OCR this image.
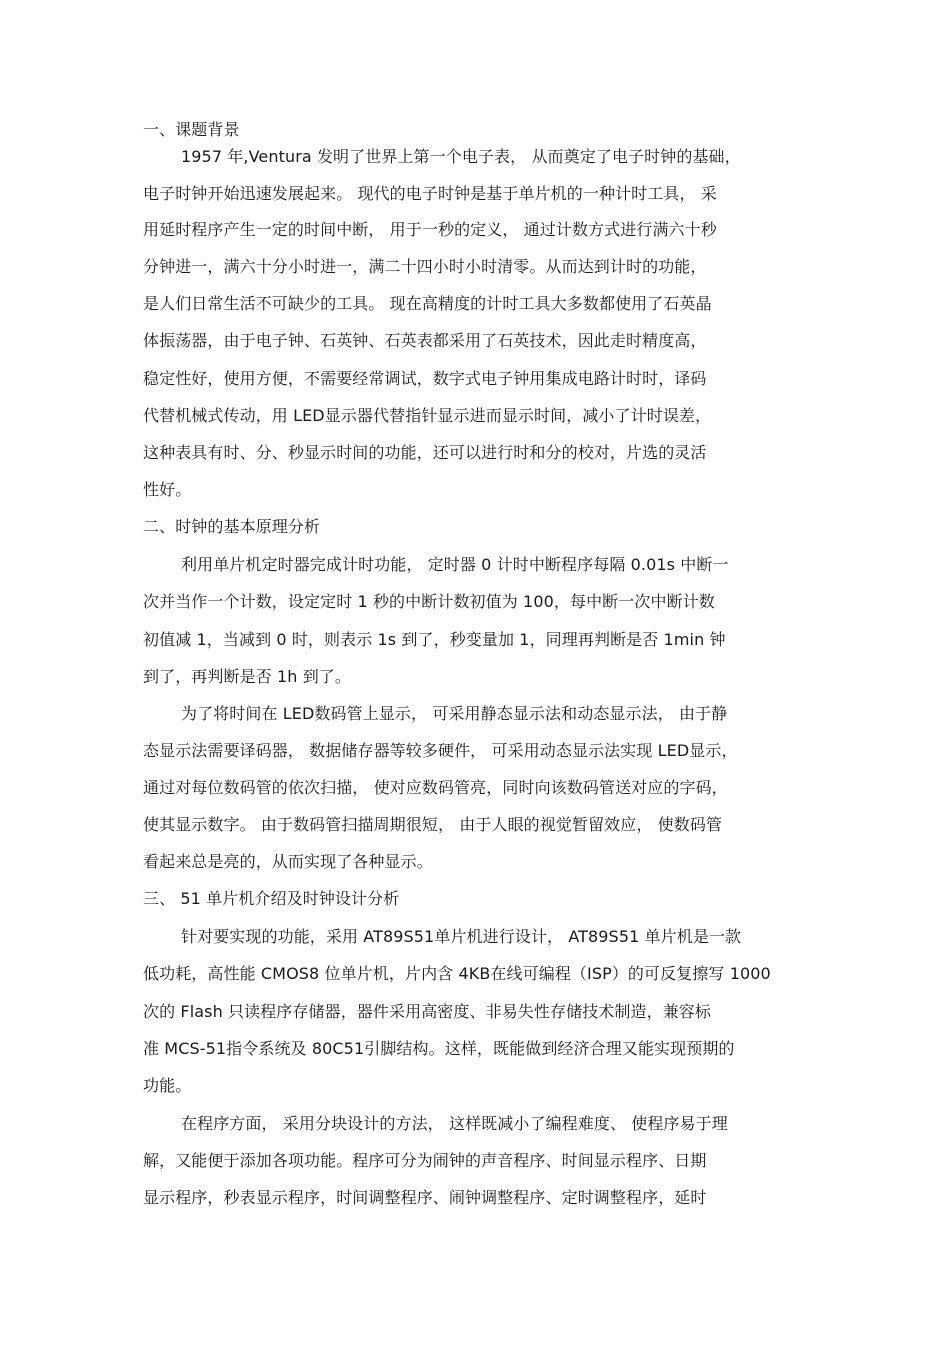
一、课题背景

1957 年,Ventura 发明了世界上第一个电子表， 从而奠定了电子时钟的基础，

电子时钟开始迅速发展起来。 现代的电子时钟是基于单片机的一种计时工具， 采

用延时程序产生一定的时间中断， 用于一秒的定义， 通过计数方式进行满六十秒

分钟进一，满六十分小时进一，满二十四小时小时清零。从而达到计时的功能，

是人们日常生活不可缺少的工具。 现在高精度的计时工具大多数都使用了石英晶

体振荡器，由于电子钟、石英钟、石英表都采用了石英技术，因此走时精度高，

稳定性好，使用方便，不需要经常调试，数字式电子钟用集成电路计时时，译码

代替机械式传动，用 LED显示器代替指针显示进而显示时间，减小了计时误差，

这种表具有时、分、秒显示时间的功能，还可以进行时和分的校对，片选的灵活

性好。

二、时钟的基本原理分析

利用单片机定时器完成计时功能， 定时器 0 计时中断程序每隔 0.01s 中断一

次并当作一个计数，设定定时 1 秒的中断计数初值为 100，每中断一次中断计数

初值减 1，当减到 0 时，则表示 1s 到了，秒变量加 1，同理再判断是否 1min 钟

到了，再判断是否 1h 到了。

为了将时间在 LED数码管上显示， 可采用静态显示法和动态显示法， 由于静

态显示法需要译码器， 数据储存器等较多硬件， 可采用动态显示法实现 LED显示，

通过对每位数码管的依次扫描， 使对应数码管亮，同时向该数码管送对应的字码，

使其显示数字。 由于数码管扫描周期很短， 由于人眼的视觉暂留效应， 使数码管

看起来总是亮的，从而实现了各种显示。

三、 51 单片机介绍及时钟设计分析

针对要实现的功能，采用 AT89S51单片机进行设计， AT89S51 单片机是一款

低功耗，高性能 CMOS8 位单片机，片内含 4KB在线可编程（ISP）的可反复擦写 1000

次的 Flash 只读程序存储器，器件采用高密度、非易失性存储技术制造，兼容标

准 MCS-51指令系统及 80C51引脚结构。这样，既能做到经济合理又能实现预期的

功能。

在程序方面， 采用分块设计的方法， 这样既减小了编程难度、 使程序易于理

解，又能便于添加各项功能。程序可分为闹钟的声音程序、时间显示程序、日期

显示程序，秒表显示程序，时间调整程序、闹钟调整程序、定时调整程序，延时
